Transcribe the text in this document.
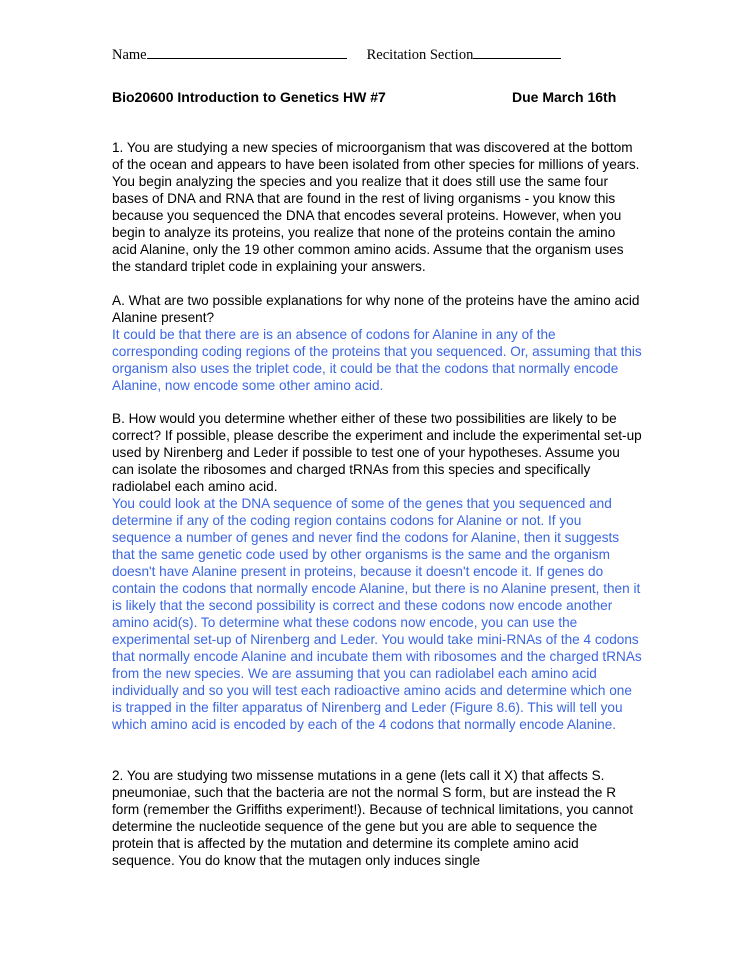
Name	Recitation Section
Bio20600 Introduction to Genetics HW #7	Due March 16th

1. You are studying a new species of microorganism that was discovered at the bottom of the ocean and appears to have been isolated from other species for millions of years. You begin analyzing the species and you realize that it does still use the same four bases of DNA and RNA that are found in the rest of living organisms - you know this because you sequenced the DNA that encodes several proteins. However, when you begin to analyze its proteins, you realize that none of the proteins contain the amino acid Alanine, only the 19 other common amino acids. Assume that the organism uses the standard triplet code in explaining your answers.

A. What are two possible explanations for why none of the proteins have the amino acid Alanine present?

It could be that there are is an absence of codons for Alanine in any of the corresponding coding regions of the proteins that you sequenced. Or, assuming that this organism also uses the triplet code, it could be that the codons that normally encode Alanine, now encode some other amino acid.

B. How would you determine whether either of these two possibilities are likely to be correct? If possible, please describe the experiment and include the experimental set-up used by Nirenberg and Leder if possible to test one of your hypotheses. Assume you can isolate the ribosomes and charged tRNAs from this species and specifically radiolabel each amino acid.

You could look at the DNA sequence of some of the genes that you sequenced and determine if any of the coding region contains codons for Alanine or not. If you sequence a number of genes and never find the codons for Alanine, then it suggests that the same genetic code used by other organisms is the same and the organism doesn't have Alanine present in proteins, because it doesn't encode it. If genes do contain the codons that normally encode Alanine, but there is no Alanine present, then it is likely that the second possibility is correct and these codons now encode another amino acid(s). To determine what these codons now encode, you can use the experimental set-up of Nirenberg and Leder. You would take mini-RNAs of the 4 codons that normally encode Alanine and incubate them with ribosomes and the charged tRNAs from the new species. We are assuming that you can radiolabel each amino acid individually and so you will test each radioactive amino acids and determine which one is trapped in the filter apparatus of Nirenberg and Leder (Figure 8.6). This will tell you which amino acid is encoded by each of the 4 codons that normally encode Alanine.

2. You are studying two missense mutations in a gene (lets call it X) that affects S. pneumoniae, such that the bacteria are not the normal S form, but are instead the R form (remember the Griffiths experiment!). Because of technical limitations, you cannot determine the nucleotide sequence of the gene but you are able to sequence the protein that is affected by the mutation and determine its complete amino acid sequence. You do know that the mutagen only induces single
